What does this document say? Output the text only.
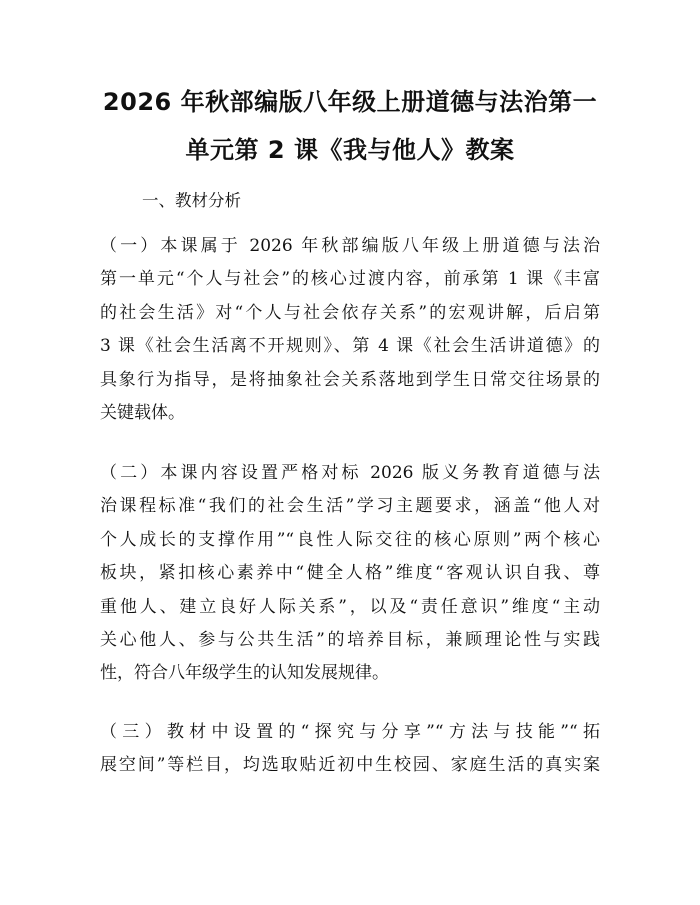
2026 年秋部编版八年级上册道德与法治第一
单元第 2 课《我与他人》教案

一、教材分析

（一）本课属于 2026 年秋部编版八年级上册道德与法治
第一单元“个人与社会”的核心过渡内容，前承第 1 课《丰富
的社会生活》对“个人与社会依存关系”的宏观讲解，后启第
3 课《社会生活离不开规则》、第 4 课《社会生活讲道德》的
具象行为指导，是将抽象社会关系落地到学生日常交往场景的
关键载体。
（二）本课内容设置严格对标 2026 版义务教育道德与法
治课程标准“我们的社会生活”学习主题要求，涵盖“他人对
个人成长的支撑作用”“良性人际交往的核心原则”两个核心
板块，紧扣核心素养中“健全人格”维度“客观认识自我、尊
重他人、建立良好人际关系”，以及“责任意识”维度“主动
关心他人、参与公共生活”的培养目标，兼顾理论性与实践
性，符合八年级学生的认知发展规律。
（三）教材中设置的“探究与分享”“方法与技能”“拓
展空间”等栏目，均选取贴近初中生校园、家庭生活的真实案
